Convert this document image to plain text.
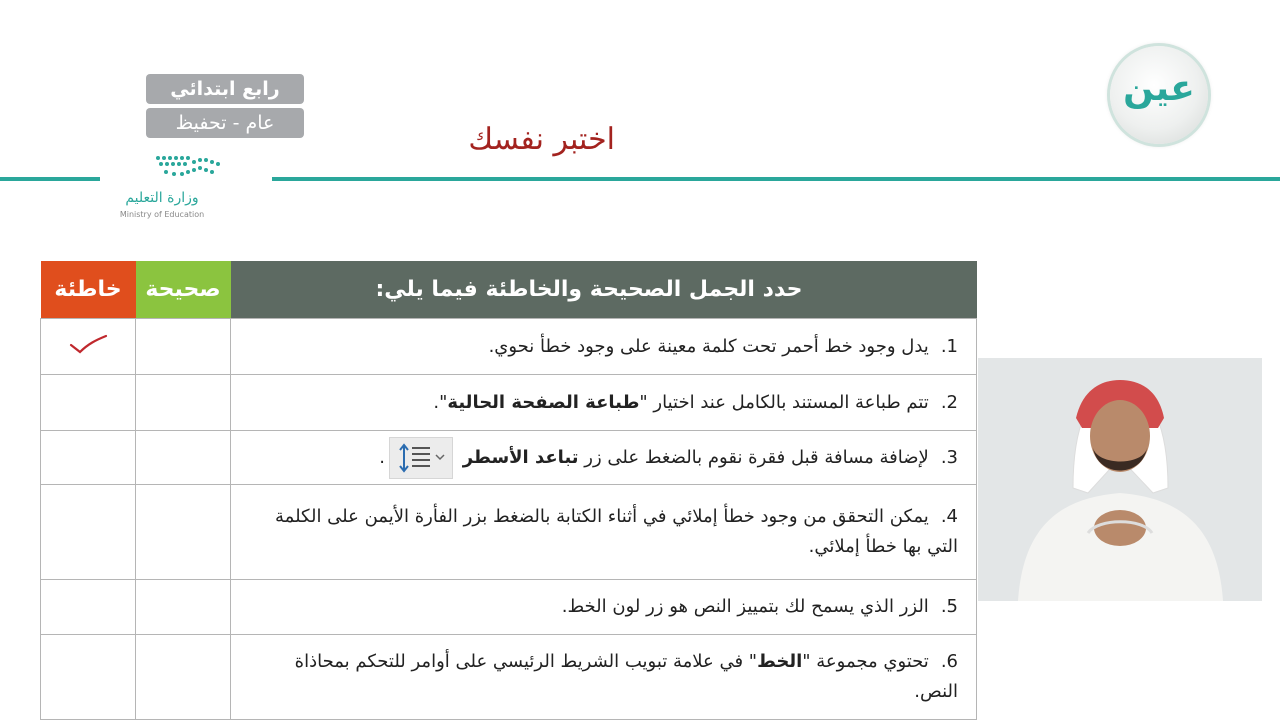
رابع ابتدائي
عام - تحفيظ
وزارة التعليم
Ministry of Education
اختبر نفسك
عين
خاطئة	صحيحة	حدد الجمل الصحيحة والخاطئة فيما يلي:
		1.يدل وجود خط أحمر تحت كلمة معينة على وجود خطأ نحوي.
		2.تتم طباعة المستند بالكامل عند اختيار "طباعة الصفحة الحالية".
		3.لإضافة مسافة قبل فقرة نقوم بالضغط على زر تباعد الأسطر .
		4.يمكن التحقق من وجود خطأ إملائي في أثناء الكتابة بالضغط بزر الفأرة الأيمن على الكلمة التي بها خطأ إملائي.
		5.الزر الذي يسمح لك بتمييز النص هو زر لون الخط.
		6.تحتوي مجموعة "الخط" في علامة تبويب الشريط الرئيسي على أوامر للتحكم بمحاذاة النص.
